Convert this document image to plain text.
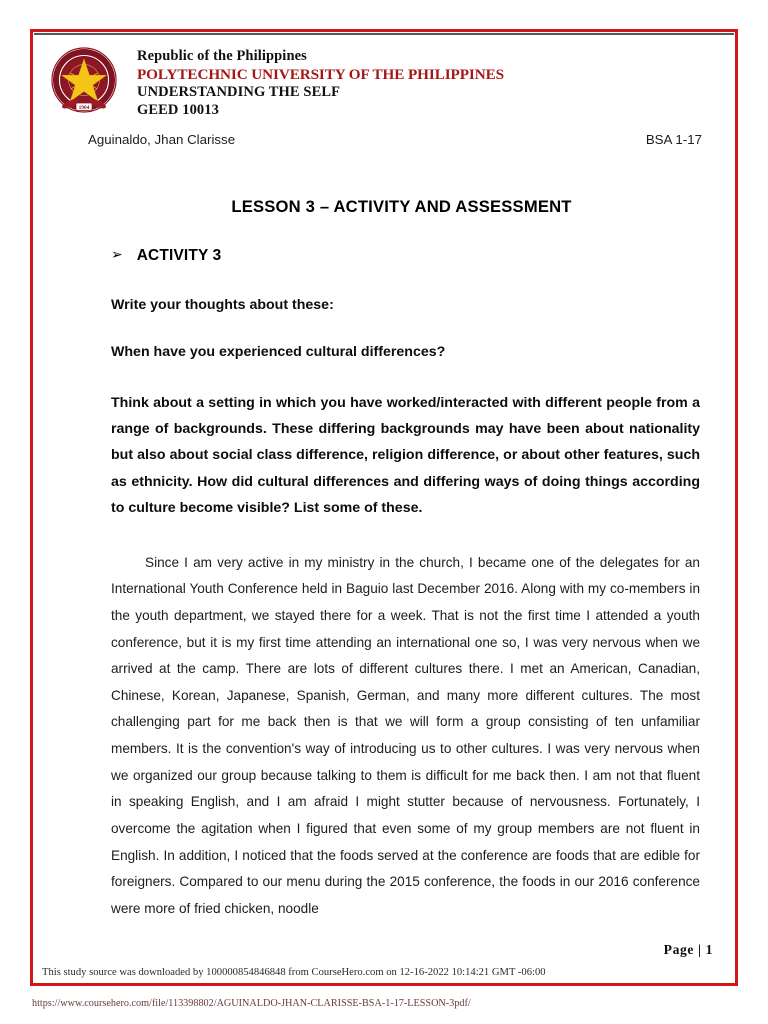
1904
Republic of the Philippines
POLYTECHNIC UNIVERSITY OF THE PHILIPPINES
UNDERSTANDING THE SELF
GEED 10013
Aguinaldo, Jhan Clarisse	BSA 1-17
LESSON 3 – ACTIVITY AND ASSESSMENT
➢ ACTIVITY 3

Write your thoughts about these:

When have you experienced cultural differences?

Think about a setting in which you have worked/interacted with different people from a range of backgrounds. These differing backgrounds may have been about nationality but also about social class difference, religion difference, or about other features, such as ethnicity. How did cultural differences and differing ways of doing things according to culture become visible? List some of these.

Since I am very active in my ministry in the church, I became one of the delegates for an International Youth Conference held in Baguio last December 2016. Along with my co-members in the youth department, we stayed there for a week. That is not the first time I attended a youth conference, but it is my first time attending an international one so, I was very nervous when we arrived at the camp. There are lots of different cultures there. I met an American, Canadian, Chinese, Korean, Japanese, Spanish, German, and many more different cultures. The most challenging part for me back then is that we will form a group consisting of ten unfamiliar members. It is the convention's way of introducing us to other cultures. I was very nervous when we organized our group because talking to them is difficult for me back then. I am not that fluent in speaking English, and I am afraid I might stutter because of nervousness. Fortunately, I overcome the agitation when I figured that even some of my group members are not fluent in English. In addition, I noticed that the foods served at the conference are foods that are edible for foreigners. Compared to our menu during the 2015 conference, the foods in our 2016 conference were more of fried chicken, noodle

Page | 1
This study source was downloaded by 100000854846848 from CourseHero.com on 12-16-2022 10:14:21 GMT -06:00
https://www.coursehero.com/file/113398802/AGUINALDO-JHAN-CLARISSE-BSA-1-17-LESSON-3pdf/
